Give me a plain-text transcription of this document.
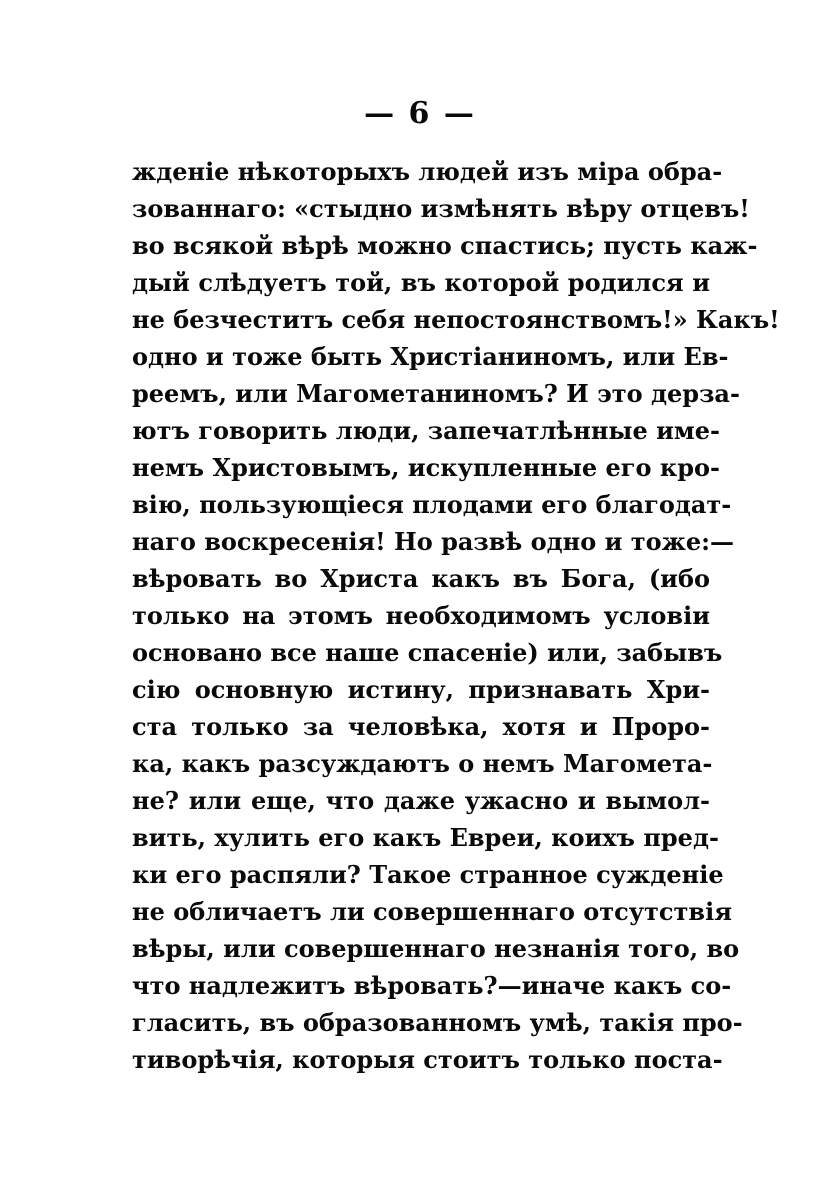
— 6 —
жденіе нѣкоторыхъ людей изъ міра обра-
зованнаго: «стыдно измѣнять вѣру отцевъ!
во всякой вѣрѣ можно спастись; пусть каж-
дый слѣдуетъ той, въ которой родился и
не безчеститъ себя непостоянствомъ!» Какъ!
одно и тоже быть Христіаниномъ, или Ев-
реемъ, или Магометаниномъ? И это дерза-
ютъ говорить люди, запечатлѣнные име-
немъ Христовымъ, искупленные его кро-
вію, пользующіеся плодами его благодат-
наго воскресенія! Но развѣ одно и тоже:—
вѣровать во Христа какъ въ Бога, (ибо
только на этомъ необходимомъ условіи
основано все наше спасеніе) или, забывъ
сію основную истину, признавать Хри-
ста только за человѣка, хотя и Проро-
ка, какъ разсуждаютъ о немъ Магомета-
не? или еще, что даже ужасно и вымол-
вить, хулить его какъ Евреи, коихъ пред-
ки его распяли? Такое странное сужденіе
не обличаетъ ли совершеннаго отсутствія
вѣры, или совершеннаго незнанія того, во
что надлежитъ вѣровать?—иначе какъ со-
гласить, въ образованномъ умѣ, такія про-
тиворѣчія, которыя стоитъ только поста-
